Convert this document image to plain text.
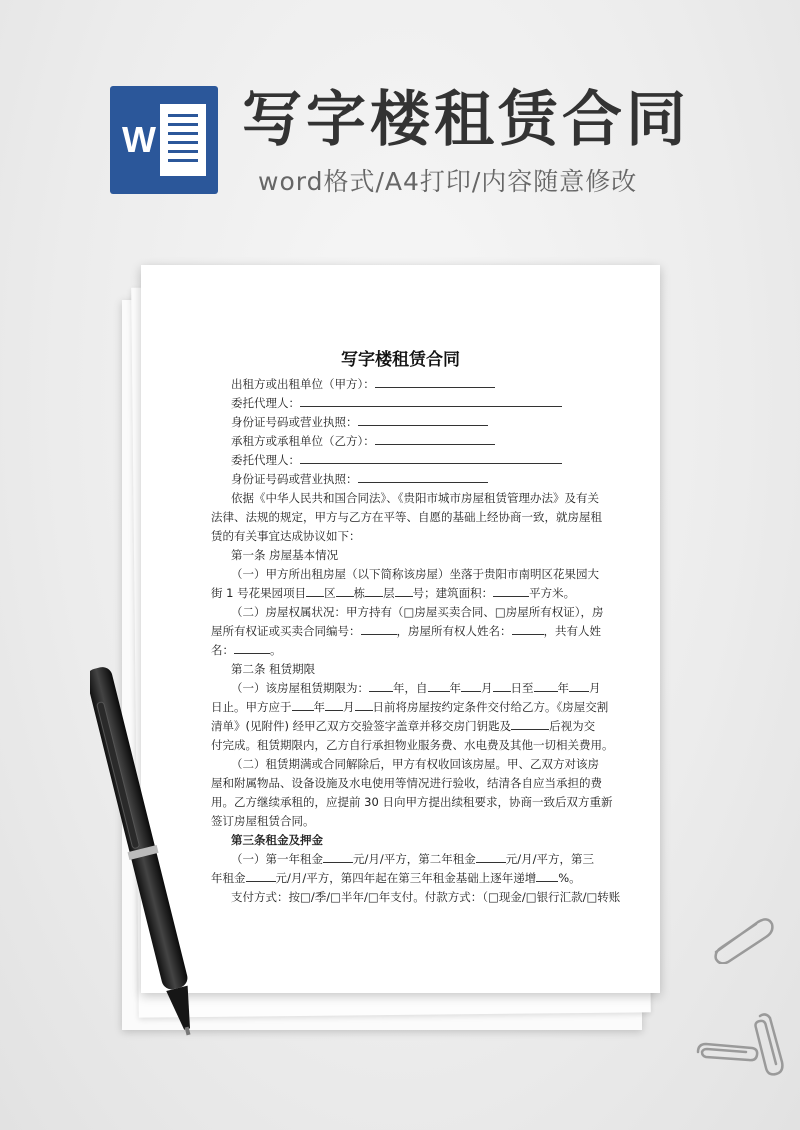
W 写字楼租赁合同
word格式/A4打印/内容随意修改
写字楼租赁合同
出租方或出租单位（甲方）：
委托代理人：
身份证号码或营业执照：
承租方或承租单位（乙方）：
委托代理人：
身份证号码或营业执照：
依据《中华人民共和国合同法》、《贵阳市城市房屋租赁管理办法》及有关
法律、法规的规定，甲方与乙方在平等、自愿的基础上经协商一致，就房屋租
赁的有关事宜达成协议如下：
第一条 房屋基本情况
（一）甲方所出租房屋（以下简称该房屋）坐落于贵阳市南明区花果园大
街 1 号花果园项目 区 栋 层 号；建筑面积：	平方米。
（二）房屋权属状况：甲方持有（□房屋买卖合同、□房屋所有权证），房
屋所有权证或买卖合同编号：	，房屋所有权人姓名：	，共有人姓
名：	。
第二条 租赁期限
（一）该房屋租赁期限为： 年，自 年 月 日至 年 月
日止。甲方应于 年 月 日前将房屋按约定条件交付给乙方。《房屋交割
清单》(见附件) 经甲乙双方交验签字盖章并移交房门钥匙及	后视为交
付完成。租赁期限内，乙方自行承担物业服务费、水电费及其他一切相关费用。
（二）租赁期满或合同解除后，甲方有权收回该房屋。甲、乙双方对该房
屋和附属物品、设备设施及水电使用等情况进行验收，结清各自应当承担的费
用。乙方继续承租的，应提前 30 日向甲方提出续租要求，协商一致后双方重新
签订房屋租赁合同。
第三条租金及押金
（一）第一年租金	元/月/平方，第二年租金	元/月/平方，第三
年租金	元/月/平方，第四年起在第三年租金基础上逐年递增 %。
支付方式：按□/季/□半年/□年支付。付款方式：（□现金/□银行汇款/□转账
